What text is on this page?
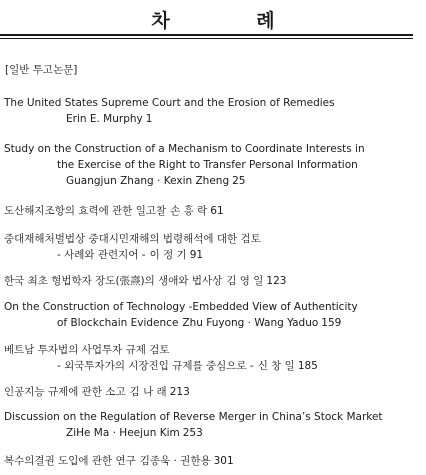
차 례
[일반 투고논문]
The United States Supreme Court and the Erosion of Remedies
Erin E. Murphy 1
Study on the Construction of a Mechanism to Coordinate Interests in
the Exercise of the Right to Transfer Personal Information
Guangjun Zhang · Kexin Zheng 25
도산해지조항의 효력에 관한 일고찰 손 흥 락 61
중대재해처벌법상 중대시민재해의 법령해석에 대한 검토
- 사례와 관련지어 - 이 정 기 91
한국 최초 형법학자 장도(張燾)의 생애와 법사상 김 영 일 123
On the Construction of Technology -Embedded View of Authenticity
of Blockchain Evidence Zhu Fuyong · Wang Yaduo 159
베트남 투자법의 사업투자 규제 검토
- 외국투자가의 시장진입 규제를 중심으로 - 신 창 일 185
인공지능 규제에 관한 소고 김 나 래 213
Discussion on the Regulation of Reverse Merger in China’s Stock Market
ZiHe Ma · Heejun Kim 253
복수의결권 도입에 관한 연구 김종욱 · 권한용 301
